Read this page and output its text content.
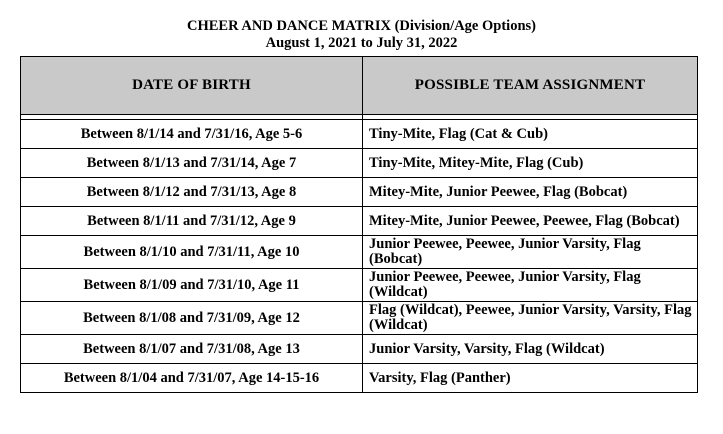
CHEER AND DANCE MATRIX (Division/Age Options)
August 1, 2021 to July 31, 2022
DATE OF BIRTH	POSSIBLE TEAM ASSIGNMENT

Between 8/1/14 and 7/31/16, Age 5-6	Tiny-Mite, Flag (Cat & Cub)
Between 8/1/13 and 7/31/14, Age 7	Tiny-Mite, Mitey-Mite, Flag (Cub)
Between 8/1/12 and 7/31/13, Age 8	Mitey-Mite, Junior Peewee, Flag (Bobcat)
Between 8/1/11 and 7/31/12, Age 9	Mitey-Mite, Junior Peewee, Peewee, Flag (Bobcat)
Between 8/1/10 and 7/31/11, Age 10	Junior Peewee, Peewee, Junior Varsity, Flag (Bobcat)
Between 8/1/09 and 7/31/10, Age 11	Junior Peewee, Peewee, Junior Varsity, Flag (Wildcat)
Between 8/1/08 and 7/31/09, Age 12	Flag (Wildcat), Peewee, Junior Varsity, Varsity, Flag (Wildcat)
Between 8/1/07 and 7/31/08, Age 13	Junior Varsity, Varsity, Flag (Wildcat)
Between 8/1/04 and 7/31/07, Age 14-15-16	Varsity, Flag (Panther)
